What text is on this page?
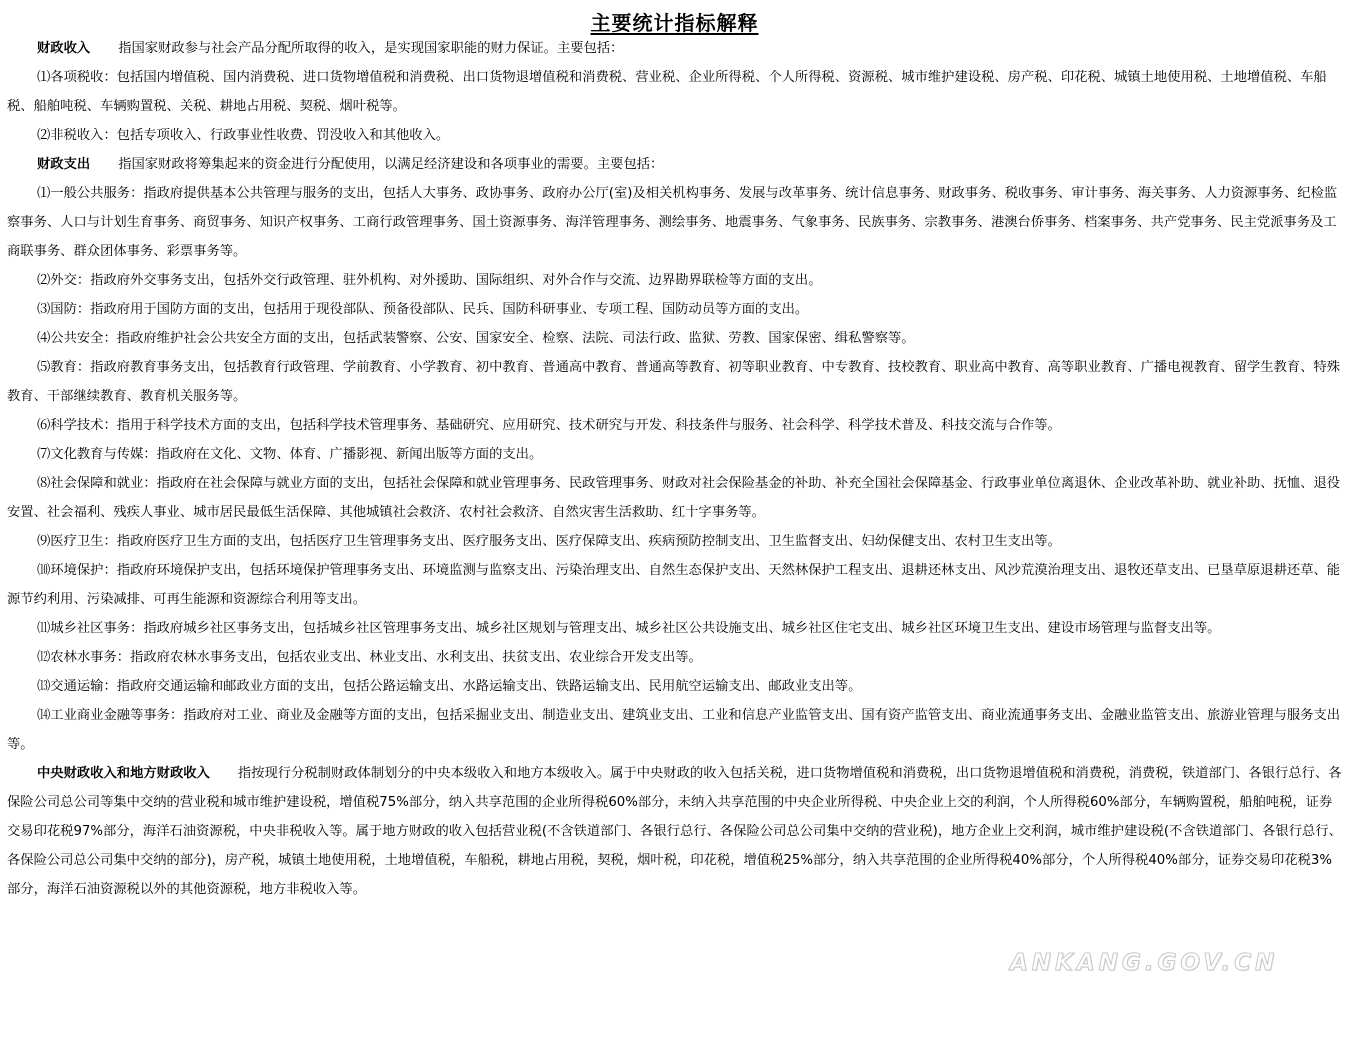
主要统计指标解释

财政收入 指国家财政参与社会产品分配所取得的收入，是实现国家职能的财力保证。主要包括：

⑴各项税收：包括国内增值税、国内消费税、进口货物增值税和消费税、出口货物退增值税和消费税、营业税、企业所得税、个人所得税、资源税、城市维护建设税、房产税、印花税、城镇土地使用税、土地增值税、车船税、船舶吨税、车辆购置税、关税、耕地占用税、契税、烟叶税等。

⑵非税收入：包括专项收入、行政事业性收费、罚没收入和其他收入。

财政支出 指国家财政将筹集起来的资金进行分配使用，以满足经济建设和各项事业的需要。主要包括：

⑴一般公共服务：指政府提供基本公共管理与服务的支出，包括人大事务、政协事务、政府办公厅(室)及相关机构事务、发展与改革事务、统计信息事务、财政事务、税收事务、审计事务、海关事务、人力资源事务、纪检监察事务、人口与计划生育事务、商贸事务、知识产权事务、工商行政管理事务、国土资源事务、海洋管理事务、测绘事务、地震事务、气象事务、民族事务、宗教事务、港澳台侨事务、档案事务、共产党事务、民主党派事务及工商联事务、群众团体事务、彩票事务等。

⑵外交：指政府外交事务支出，包括外交行政管理、驻外机构、对外援助、国际组织、对外合作与交流、边界勘界联检等方面的支出。

⑶国防：指政府用于国防方面的支出，包括用于现役部队、预备役部队、民兵、国防科研事业、专项工程、国防动员等方面的支出。

⑷公共安全：指政府维护社会公共安全方面的支出，包括武装警察、公安、国家安全、检察、法院、司法行政、监狱、劳教、国家保密、缉私警察等。

⑸教育：指政府教育事务支出，包括教育行政管理、学前教育、小学教育、初中教育、普通高中教育、普通高等教育、初等职业教育、中专教育、技校教育、职业高中教育、高等职业教育、广播电视教育、留学生教育、特殊教育、干部继续教育、教育机关服务等。

⑹科学技术：指用于科学技术方面的支出，包括科学技术管理事务、基础研究、应用研究、技术研究与开发、科技条件与服务、社会科学、科学技术普及、科技交流与合作等。

⑺文化教育与传媒：指政府在文化、文物、体育、广播影视、新闻出版等方面的支出。

⑻社会保障和就业：指政府在社会保障与就业方面的支出，包括社会保障和就业管理事务、民政管理事务、财政对社会保险基金的补助、补充全国社会保障基金、行政事业单位离退休、企业改革补助、就业补助、抚恤、退役安置、社会福利、残疾人事业、城市居民最低生活保障、其他城镇社会救济、农村社会救济、自然灾害生活救助、红十字事务等。

⑼医疗卫生：指政府医疗卫生方面的支出，包括医疗卫生管理事务支出、医疗服务支出、医疗保障支出、疾病预防控制支出、卫生监督支出、妇幼保健支出、农村卫生支出等。

⑽环境保护：指政府环境保护支出，包括环境保护管理事务支出、环境监测与监察支出、污染治理支出、自然生态保护支出、天然林保护工程支出、退耕还林支出、风沙荒漠治理支出、退牧还草支出、已垦草原退耕还草、能源节约利用、污染减排、可再生能源和资源综合利用等支出。

⑾城乡社区事务：指政府城乡社区事务支出，包括城乡社区管理事务支出、城乡社区规划与管理支出、城乡社区公共设施支出、城乡社区住宅支出、城乡社区环境卫生支出、建设市场管理与监督支出等。

⑿农林水事务：指政府农林水事务支出，包括农业支出、林业支出、水利支出、扶贫支出、农业综合开发支出等。

⒀交通运输：指政府交通运输和邮政业方面的支出，包括公路运输支出、水路运输支出、铁路运输支出、民用航空运输支出、邮政业支出等。

⒁工业商业金融等事务：指政府对工业、商业及金融等方面的支出，包括采掘业支出、制造业支出、建筑业支出、工业和信息产业监管支出、国有资产监管支出、商业流通事务支出、金融业监管支出、旅游业管理与服务支出等。

中央财政收入和地方财政收入 指按现行分税制财政体制划分的中央本级收入和地方本级收入。属于中央财政的收入包括关税，进口货物增值税和消费税，出口货物退增值税和消费税，消费税，铁道部门、各银行总行、各保险公司总公司等集中交纳的营业税和城市维护建设税，增值税75%部分，纳入共享范围的企业所得税60%部分，未纳入共享范围的中央企业所得税、中央企业上交的利润，个人所得税60%部分，车辆购置税，船舶吨税，证券交易印花税97%部分，海洋石油资源税，中央非税收入等。属于地方财政的收入包括营业税(不含铁道部门、各银行总行、各保险公司总公司集中交纳的营业税)，地方企业上交利润，城市维护建设税(不含铁道部门、各银行总行、各保险公司总公司集中交纳的部分)，房产税，城镇土地使用税，土地增值税，车船税，耕地占用税，契税，烟叶税，印花税，增值税25%部分，纳入共享范围的企业所得税40%部分，个人所得税40%部分，证券交易印花税3%部分，海洋石油资源税以外的其他资源税，地方非税收入等。

ANKANG.GOV.CN
